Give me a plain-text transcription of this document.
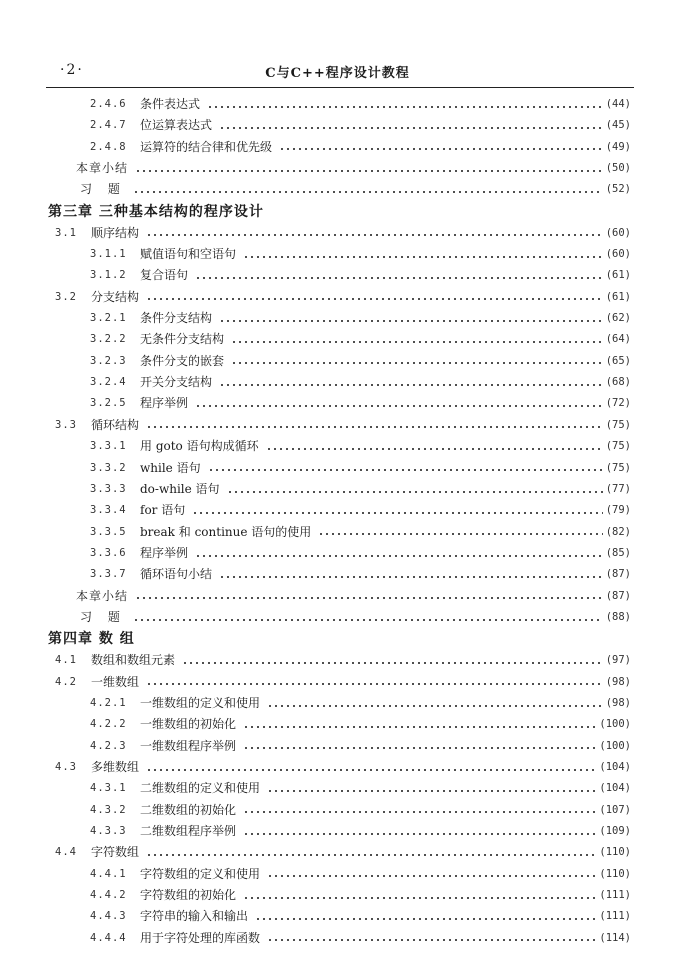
·2·	C与C++程序设计教程
2.4.6	条件表达式	(44)
2.4.7	位运算表达式	(45)
2.4.8	运算符的结合律和优先级	(49)
本章小结	(50)
习 题	(52)
第三章 三种基本结构的程序设计
3.1	顺序结构	(60)
3.1.1	赋值语句和空语句	(60)
3.1.2	复合语句	(61)
3.2	分支结构	(61)
3.2.1	条件分支结构	(62)
3.2.2	无条件分支结构	(64)
3.2.3	条件分支的嵌套	(65)
3.2.4	开关分支结构	(68)
3.2.5	程序举例	(72)
3.3	循环结构	(75)
3.3.1	用 goto 语句构成循环	(75)
3.3.2	while 语句	(75)
3.3.3	do-while 语句	(77)
3.3.4	for 语句	(79)
3.3.5	break 和 continue 语句的使用	(82)
3.3.6	程序举例	(85)
3.3.7	循环语句小结	(87)
本章小结	(87)
习 题	(88)
第四章 数 组
4.1	数组和数组元素	(97)
4.2	一维数组	(98)
4.2.1	一维数组的定义和使用	(98)
4.2.2	一维数组的初始化	(100)
4.2.3	一维数组程序举例	(100)
4.3	多维数组	(104)
4.3.1	二维数组的定义和使用	(104)
4.3.2	二维数组的初始化	(107)
4.3.3	二维数组程序举例	(109)
4.4	字符数组	(110)
4.4.1	字符数组的定义和使用	(110)
4.4.2	字符数组的初始化	(111)
4.4.3	字符串的输入和输出	(111)
4.4.4	用于字符处理的库函数	(114)
